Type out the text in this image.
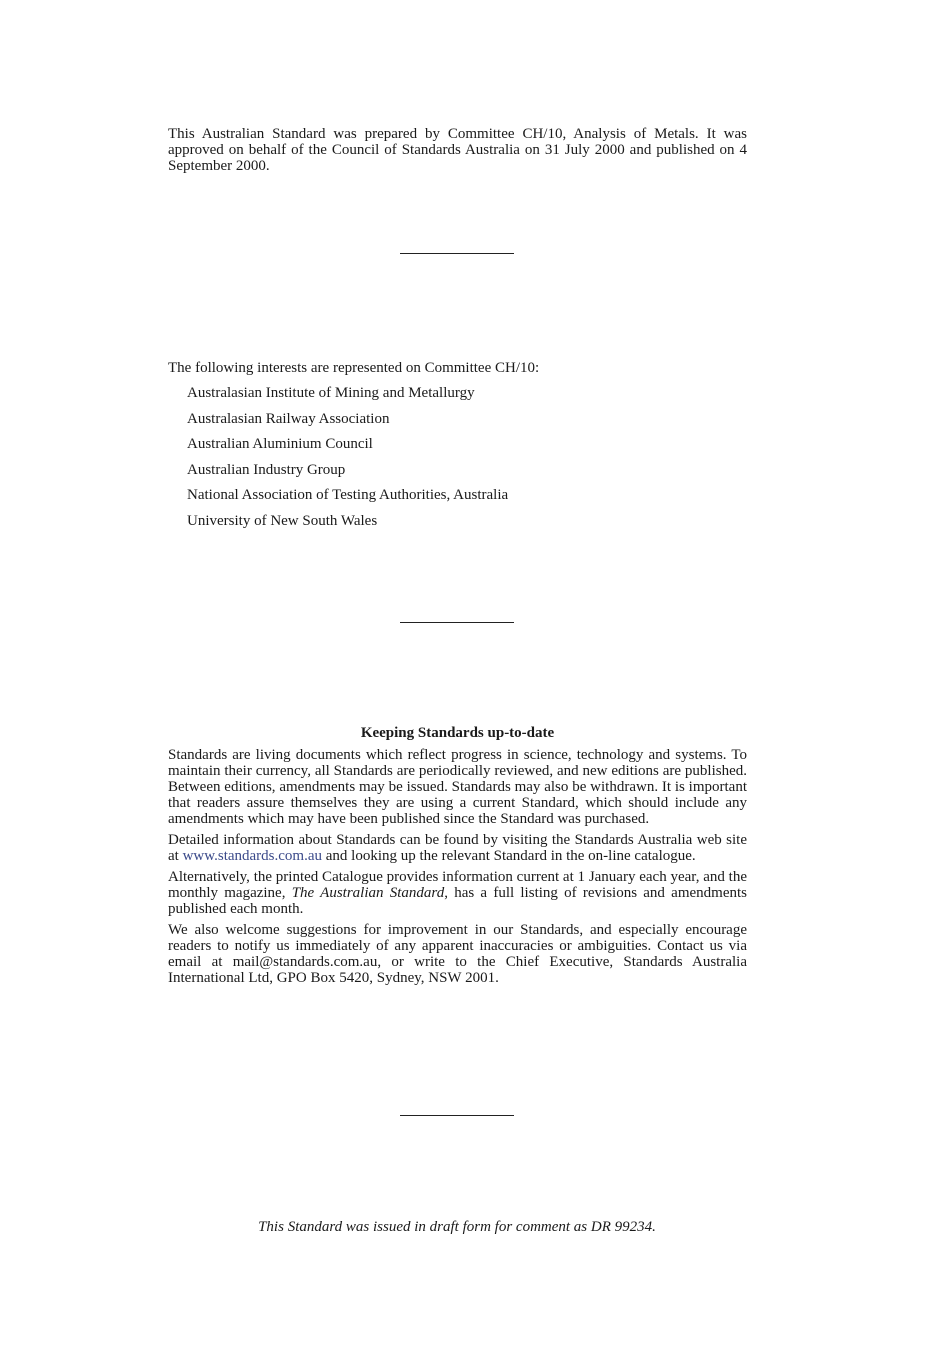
This Australian Standard was prepared by Committee CH/10, Analysis of Metals. It was approved on behalf of the Council of Standards Australia on 31 July 2000 and published on 4 September 2000.

The following interests are represented on Committee CH/10:

Australasian Institute of Mining and Metallurgy
Australasian Railway Association
Australian Aluminium Council
Australian Industry Group
National Association of Testing Authorities, Australia
University of New South Wales
Keeping Standards up-to-date

Standards are living documents which reflect progress in science, technology and systems. To maintain their currency, all Standards are periodically reviewed, and new editions are published. Between editions, amendments may be issued. Standards may also be withdrawn. It is important that readers assure themselves they are using a current Standard, which should include any amendments which may have been published since the Standard was purchased.

Detailed information about Standards can be found by visiting the Standards Australia web site at www.standards.com.au and looking up the relevant Standard in the on-line catalogue.

Alternatively, the printed Catalogue provides information current at 1 January each year, and the monthly magazine, The Australian Standard, has a full listing of revisions and amendments published each month.

We also welcome suggestions for improvement in our Standards, and especially encourage readers to notify us immediately of any apparent inaccuracies or ambiguities. Contact us via email at mail@standards.com.au, or write to the Chief Executive, Standards Australia International Ltd, GPO Box 5420, Sydney, NSW 2001.

This Standard was issued in draft form for comment as DR 99234.
